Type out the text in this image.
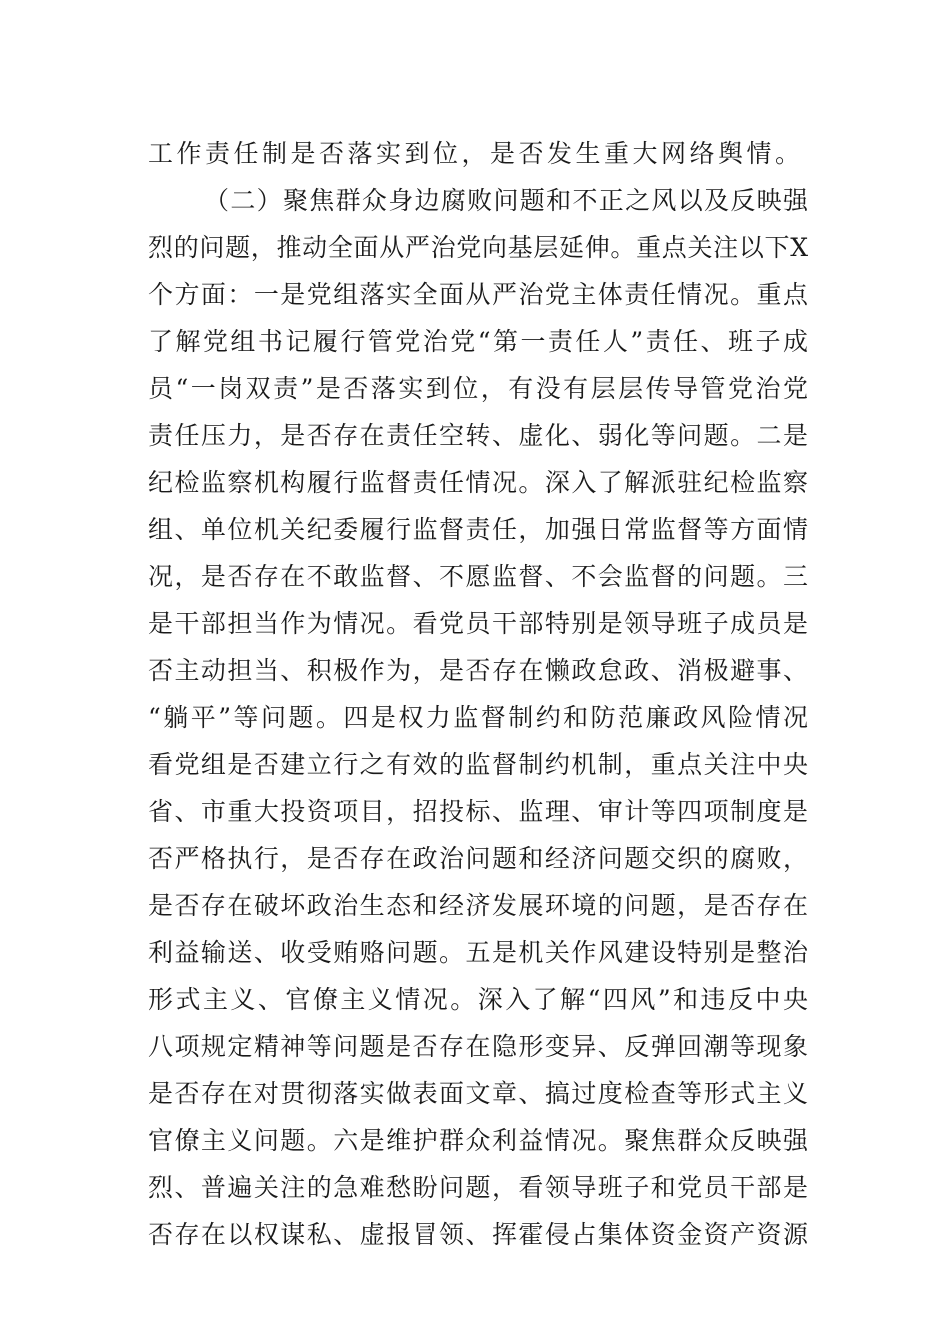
工作责任制是否落实到位，是否发生重大网络舆情。
（二）聚焦群众身边腐败问题和不正之风以及反映强
烈的问题，推动全面从严治党向基层延伸。重点关注以下X
个方面：一是党组落实全面从严治党主体责任情况。重点
了解党组书记履行管党治党“第一责任人”责任、班子成
员“一岗双责”是否落实到位，有没有层层传导管党治党
责任压力，是否存在责任空转、虚化、弱化等问题。二是
纪检监察机构履行监督责任情况。深入了解派驻纪检监察
组、单位机关纪委履行监督责任，加强日常监督等方面情
况，是否存在不敢监督、不愿监督、不会监督的问题。三
是干部担当作为情况。看党员干部特别是领导班子成员是
否主动担当、积极作为，是否存在懒政怠政、消极避事、
“躺平”等问题。四是权力监督制约和防范廉政风险情况
看党组是否建立行之有效的监督制约机制，重点关注中央
省、市重大投资项目，招投标、监理、审计等四项制度是
否严格执行，是否存在政治问题和经济问题交织的腐败，
是否存在破坏政治生态和经济发展环境的问题，是否存在
利益输送、收受贿赂问题。五是机关作风建设特别是整治
形式主义、官僚主义情况。深入了解“四风”和违反中央
八项规定精神等问题是否存在隐形变异、反弹回潮等现象
是否存在对贯彻落实做表面文章、搞过度检查等形式主义
官僚主义问题。六是维护群众利益情况。聚焦群众反映强
烈、普遍关注的急难愁盼问题，看领导班子和党员干部是
否存在以权谋私、虚报冒领、挥霍侵占集体资金资产资源
